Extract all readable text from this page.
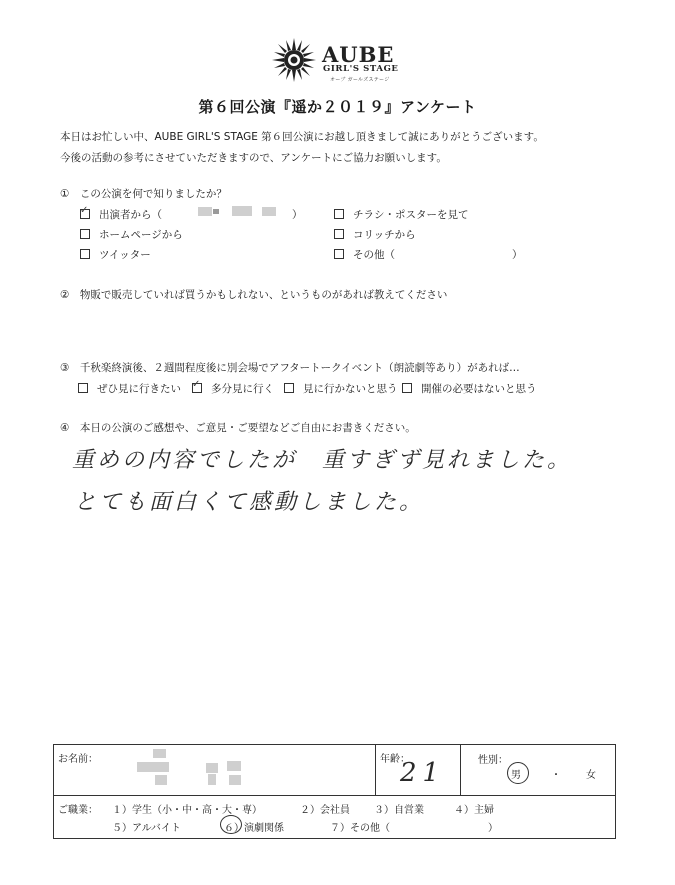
AUBE
GIRL'S STAGE
オーブ ガールズステージ
第６回公演『遥か２０１９』アンケート
本日はお忙しい中、AUBE GIRL'S STAGE 第６回公演にお越し頂きまして誠にありがとうございます。
今後の活動の参考にさせていただきますので、アンケートにご協力お願いします。
①　この公演を何で知りましたか？
✓出演者から（	）	チラシ・ポスターを見て
ホームページから	コリッチから
ツイッター	その他（	）
②　物販で販売していれば買うかもしれない、というものがあれば教えてください
③　千秋楽終演後、２週間程度後に別会場でアフタートークイベント（朗読劇等あり）があれば…
ぜひ見に行きたい
✓	多分見に行く	見に行かないと思う	開催の必要はないと思う
④　本日の公演のご感想や、ご意見・ご要望などご自由にお書きください。
重めの内容でしたが　重すぎず見れました。
とても面白くて感動しました。
お名前：	年齢：
21	性別：
男	・	女
ご職業： １）学生（小・中・高・大・専）	２）会社員 ３）自営業	４）主婦
５）アルバイト	６）演劇関係	７）その他（	）
